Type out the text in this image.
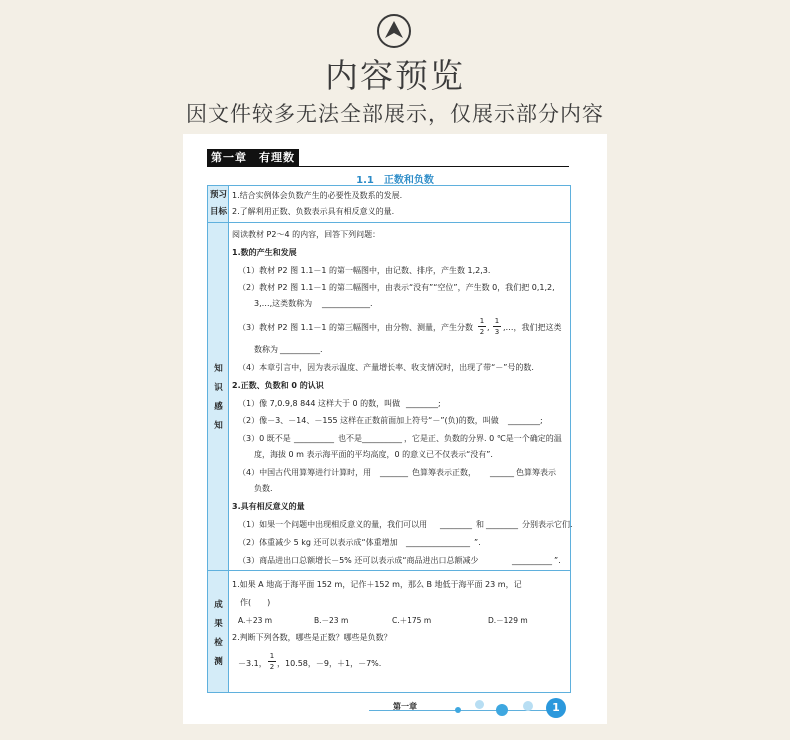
内容预览
因文件较多无法全部展示，仅展示部分内容
第一章　有理数
1.1　正数和负数
预习
目标
1.结合实例体会负数产生的必要性及数系的发展.
2.了解利用正数、负数表示具有相反意义的量.
知
识
感
知
阅读教材 P2～4 的内容，回答下列问题：
1.数的产生和发展
（1）教材 P2 图 1.1－1 的第一幅图中，由记数、排序，产生数 1,2,3.
（2）教材 P2 图 1.1－1 的第二幅图中，由表示“没有”“空位”，产生数 0，我们把 0,1,2,
3,…,这类数称为 ____________.
（3）教材 P2 图 1.1－1 的第三幅图中，由分物、测量，产生分数
1
2 ,
1
3 ,…，我们把这类
数称为 __________.
（4）本章引言中，因为表示温度、产量增长率、收支情况时，出现了带“－”号的数.
2.正数、负数和 0 的认识
（1）像 7,0.9,8 844 这样大于 0 的数，叫做 ________;
（2）像－3、－14、－155 这样在正数前面加上符号“－”(负)的数，叫做 ________;
（3）0 既不是 __________ 也不是 __________ ，它是正、负数的分界. 0 ℃是一个确定的温
度，海拔 0 m 表示海平面的平均高度，0 的意义已不仅表示“没有”.
（4）中国古代用算筹进行计算时，用 _______ 色算筹表示正数， ______ 色算筹表示
负数.
3.具有相反意义的量
（1）如果一个问题中出现相反意义的量，我们可以用 ________ 和 ________ 分别表示它们.
（2）体重减少 5 kg 还可以表示成“体重增加 ________________ ”.
（3）商品进出口总额增长－5% 还可以表示成“商品进出口总额减少	__________ ”.
成
果
检
测
1.如果 A 地高于海平面 152 m，记作＋152 m，那么 B 地低于海平面 23 m，记
作(　　)
A.＋23 m	B.－23 m	C.＋175 m	D.－129 m
2.判断下列各数，哪些是正数？哪些是负数？
－3.1，
1
2 ，10.58，－9，＋1，－7%.
第一章	1
